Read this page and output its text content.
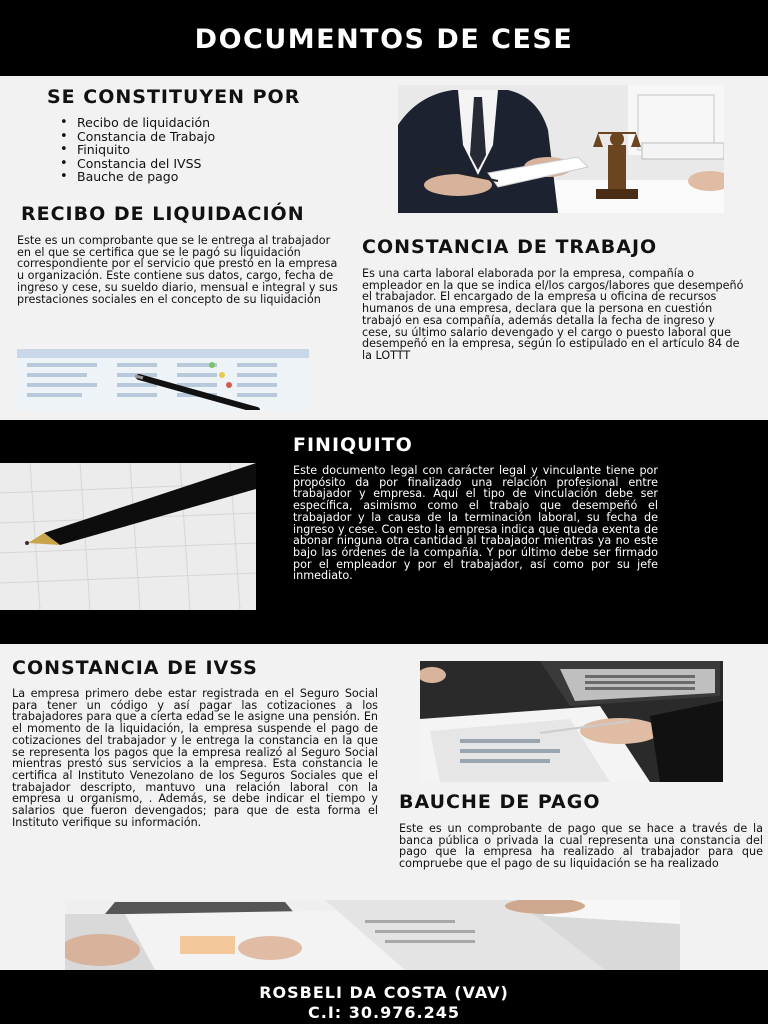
DOCUMENTOS DE CESE
SE CONSTITUYEN POR
• Recibo de liquidación
• Constancia de Trabajo
• Finiquito
• Constancia del IVSS
• Bauche de pago
RECIBO DE LIQUIDACIÓN

Este es un comprobante que se le entrega al trabajador en el que se certifica que se le pagó su liquidación correspondiente por el servicio que prestó en la empresa u organización. Este contiene sus datos, cargo, fecha de ingreso y cese, su sueldo diario, mensual e integral y sus prestaciones sociales en el concepto de su liquidación

CONSTANCIA DE TRABAJO

Es una carta laboral elaborada por la empresa, compañía o empleador en la que se indica el/los cargos/labores que desempeñó el trabajador. El encargado de la empresa u oficina de recursos humanos de una empresa, declara que la persona en cuestión trabajó en esa compañía, además detalla la fecha de ingreso y cese, su último salario devengado y el cargo o puesto laboral que desempeñó en la empresa, según lo estipulado en el artículo 84 de la LOTTT

FINIQUITO

Este documento legal con carácter legal y vinculante tiene por propósito da por finalizado una relación profesional entre trabajador y empresa. Aquí el tipo de vinculación debe ser específica, asimismo como el trabajo que desempeñó el trabajador y la causa de la terminación laboral, su fecha de ingreso y cese. Con esto la empresa indica que queda exenta de abonar ninguna otra cantidad al trabajador mientras ya no este bajo las órdenes de la compañía. Y por último debe ser firmado por el empleador y por el trabajador, así como por su jefe inmediato.

CONSTANCIA DE IVSS

La empresa primero debe estar registrada en el Seguro Social para tener un código y así pagar las cotizaciones a los trabajadores para que a cierta edad se le asigne una pensión. En el momento de la liquidación, la empresa suspende el pago de cotizaciones del trabajador y le entrega la constancia en la que se representa los pagos que la empresa realizó al Seguro Social mientras prestó sus servicios a la empresa. Esta constancia le certifica al Instituto Venezolano de los Seguros Sociales que el trabajador descripto, mantuvo una relación laboral con la empresa u organismo, . Además, se debe indicar el tiempo y salarios que fueron devengados; para que de esta forma el Instituto verifique su información.

BAUCHE DE PAGO

Este es un comprobante de pago que se hace a través de la banca pública o privada la cual representa una constancia del pago que la empresa ha realizado al trabajador para que compruebe que el pago de su liquidación se ha realizado

ROSBELI DA COSTA (VAV)
C.I: 30.976.245
